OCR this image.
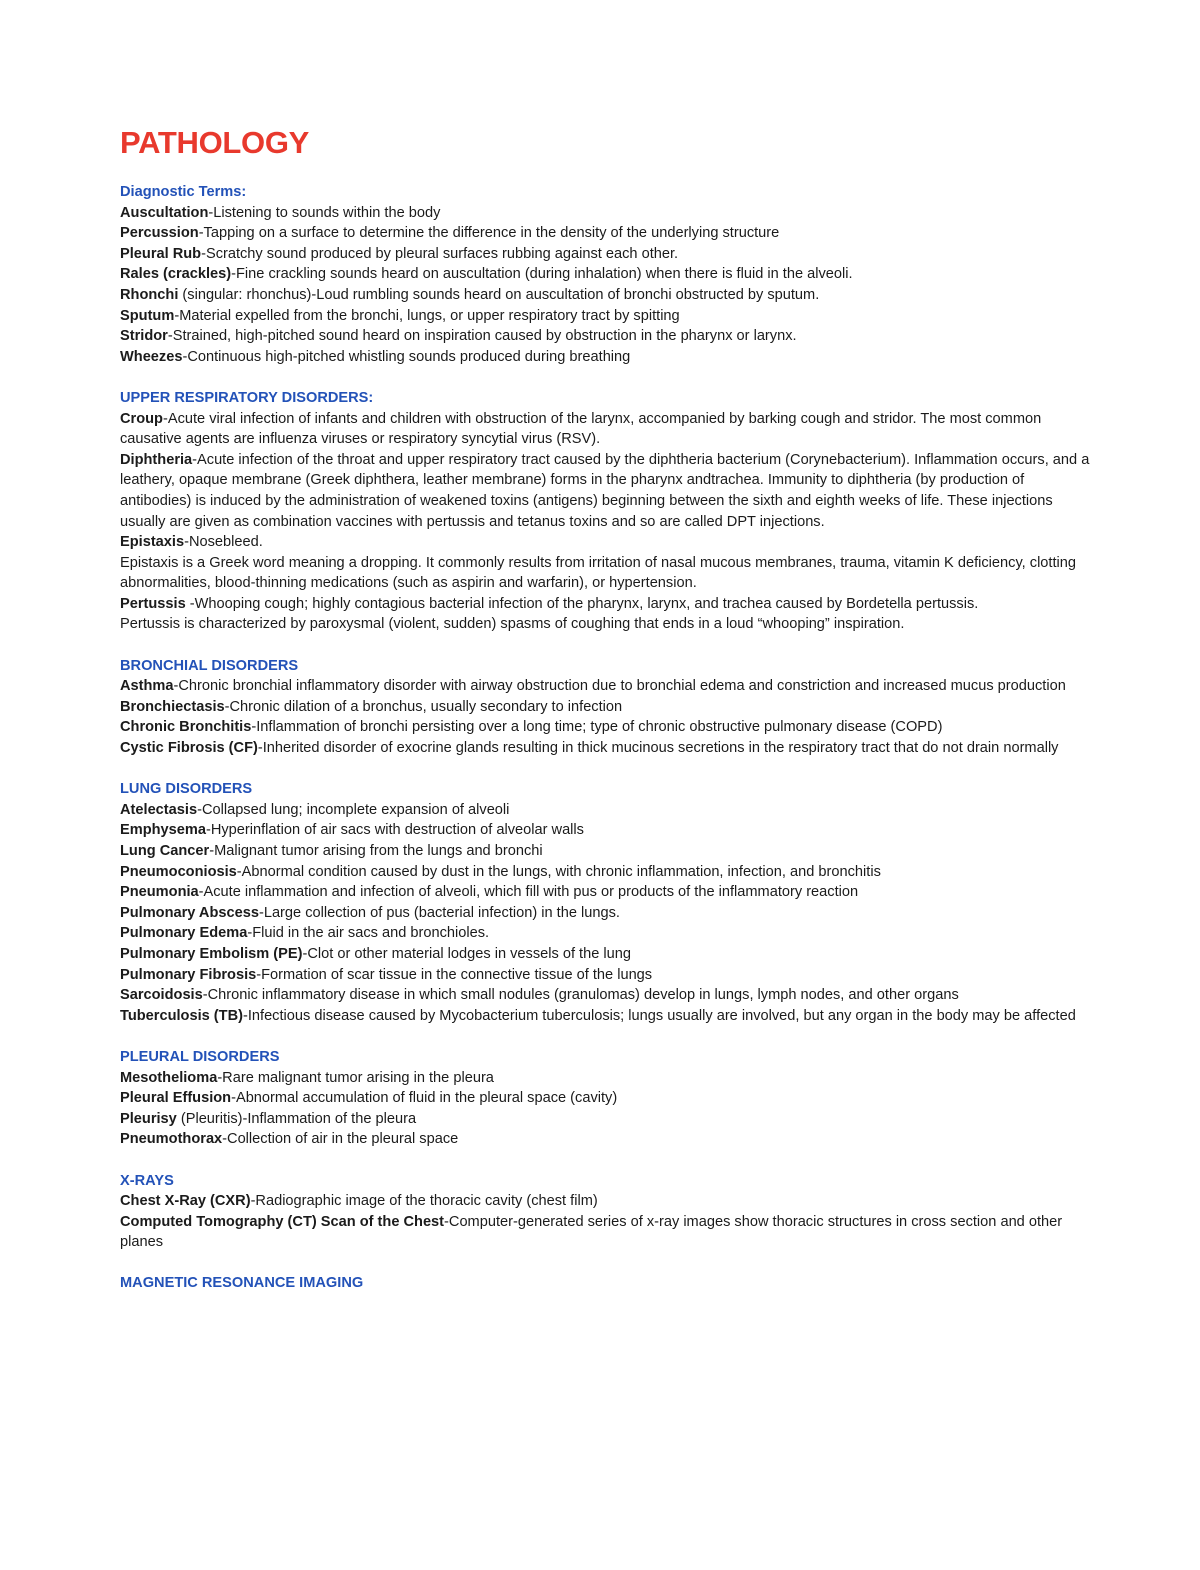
PATHOLOGY
Diagnostic Terms:
Auscultation-Listening to sounds within the body
Percussion-Tapping on a surface to determine the difference in the density of the underlying structure
Pleural Rub-Scratchy sound produced by pleural surfaces rubbing against each other.
Rales (crackles)-Fine crackling sounds heard on auscultation (during inhalation) when there is fluid in the alveoli.
Rhonchi (singular: rhonchus)-Loud rumbling sounds heard on auscultation of bronchi obstructed by sputum.
Sputum-Material expelled from the bronchi, lungs, or upper respiratory tract by spitting
Stridor-Strained, high-pitched sound heard on inspiration caused by obstruction in the pharynx or larynx.
Wheezes-Continuous high-pitched whistling sounds produced during breathing
UPPER RESPIRATORY DISORDERS:
Croup-Acute viral infection of infants and children with obstruction of the larynx, accompanied by barking cough and stridor. The most common causative agents are influenza viruses or respiratory syncytial virus (RSV).
Diphtheria-Acute infection of the throat and upper respiratory tract caused by the diphtheria bacterium (Corynebacterium). Inflammation occurs, and a leathery, opaque membrane (Greek diphthera, leather membrane) forms in the pharynx andtrachea. Immunity to diphtheria (by production of antibodies) is induced by the administration of weakened toxins (antigens) beginning between the sixth and eighth weeks of life. These injections usually are given as combination vaccines with pertussis and tetanus toxins and so are called DPT injections.
Epistaxis-Nosebleed.
Epistaxis is a Greek word meaning a dropping. It commonly results from irritation of nasal mucous membranes, trauma, vitamin K deficiency, clotting abnormalities, blood-thinning medications (such as aspirin and warfarin), or hypertension.
Pertussis -Whooping cough; highly contagious bacterial infection of the pharynx, larynx, and trachea caused by Bordetella pertussis.
Pertussis is characterized by paroxysmal (violent, sudden) spasms of coughing that ends in a loud “whooping” inspiration.
BRONCHIAL DISORDERS
Asthma-Chronic bronchial inflammatory disorder with airway obstruction due to bronchial edema and constriction and increased mucus production
Bronchiectasis-Chronic dilation of a bronchus, usually secondary to infection
Chronic Bronchitis-Inflammation of bronchi persisting over a long time; type of chronic obstructive pulmonary disease (COPD)
Cystic Fibrosis (CF)-Inherited disorder of exocrine glands resulting in thick mucinous secretions in the respiratory tract that do not drain normally
LUNG DISORDERS
Atelectasis-Collapsed lung; incomplete expansion of alveoli
Emphysema-Hyperinflation of air sacs with destruction of alveolar walls
Lung Cancer-Malignant tumor arising from the lungs and bronchi
Pneumoconiosis-Abnormal condition caused by dust in the lungs, with chronic inflammation, infection, and bronchitis
Pneumonia-Acute inflammation and infection of alveoli, which fill with pus or products of the inflammatory reaction
Pulmonary Abscess-Large collection of pus (bacterial infection) in the lungs.
Pulmonary Edema-Fluid in the air sacs and bronchioles.
Pulmonary Embolism (PE)-Clot or other material lodges in vessels of the lung
Pulmonary Fibrosis-Formation of scar tissue in the connective tissue of the lungs
Sarcoidosis-Chronic inflammatory disease in which small nodules (granulomas) develop in lungs, lymph nodes, and other organs
Tuberculosis (TB)-Infectious disease caused by Mycobacterium tuberculosis; lungs usually are involved, but any organ in the body may be affected
PLEURAL DISORDERS
Mesothelioma-Rare malignant tumor arising in the pleura
Pleural Effusion-Abnormal accumulation of fluid in the pleural space (cavity)
Pleurisy (Pleuritis)-Inflammation of the pleura
Pneumothorax-Collection of air in the pleural space
X-RAYS
Chest X-Ray (CXR)-Radiographic image of the thoracic cavity (chest film)
Computed Tomography (CT) Scan of the Chest-Computer-generated series of x-ray images show thoracic structures in cross section and other planes
MAGNETIC RESONANCE IMAGING
